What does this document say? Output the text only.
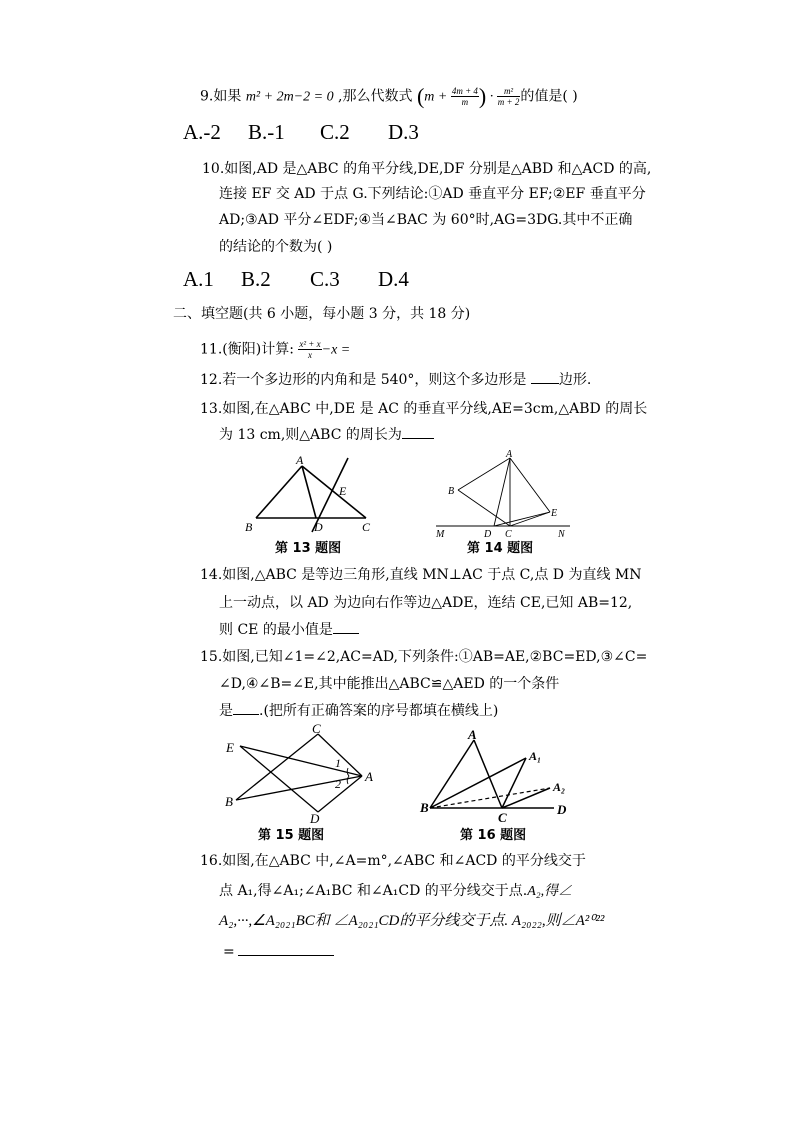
9.如果 m² + 2m−2 = 0 ,那么代数式 ($m + \frac{4m + 4}{m}$ ) · $\frac{\text{m²}}{m + 2}$ 的值是( )
A.-2 B.-1 C.2 D.3
10.如图,AD 是△ABC 的角平分线,DE,DF 分别是△ABD 和△ACD 的高,
连接 EF 交 AD 于点 G.下列结论:①AD 垂直平分 EF;②EF 垂直平分
AD;③AD 平分∠EDF;④当∠BAC 为 60°时,AG=3DG.其中不正确
的结论的个数为( )
A.1 B.2 C.3 D.4
二、填空题(共 6 小题，每小题 3 分，共 18 分)
11.(衡阳)计算: $\frac{\text{x² + x}}{x} -x$ =
12.若一个多边形的内角和是 540°，则这个多边形是 边形.
13.如图,在△ABC 中,DE 是 AC 的垂直平分线,AE=3cm,△ABD 的周长
为 13 cm,则△ABC 的周长为
A
B	C
D
E
第 13 题图
A
B
D C
E
M	N
第 14 题图
14.如图,△ABC 是等边三角形,直线 MN⊥AC 于点 C,点 D 为直线 MN
上一动点，以 AD 为边向右作等边△ADE，连结 CE,已知 AB=12,
则 CE 的最小值是
15.如图,已知∠1=∠2,AC=AD,下列条件:①AB=AE,②BC=ED,③∠C=
∠D,④∠B=∠E,其中能推出△ABC≌△AED 的一个条件
是 .(把所有正确答案的序号都填在横线上)
C
E
1
A
2
B
D
第 15 题图
A
A₁
A₂
B
C
D
第 16 题图
16.如图,在△ABC 中,∠A=m°,∠ABC 和∠ACD 的平分线交于
点 A₁,得∠A₁;∠A₁BC 和∠A₁CD 的平分线交于点.A₂,得∠
A₂,···,∠A₂₀₂₁BC和 ∠A₂₀₂₁CD的平分线交于点. A₂₀₂₂,则∠A²⁰²²
=
